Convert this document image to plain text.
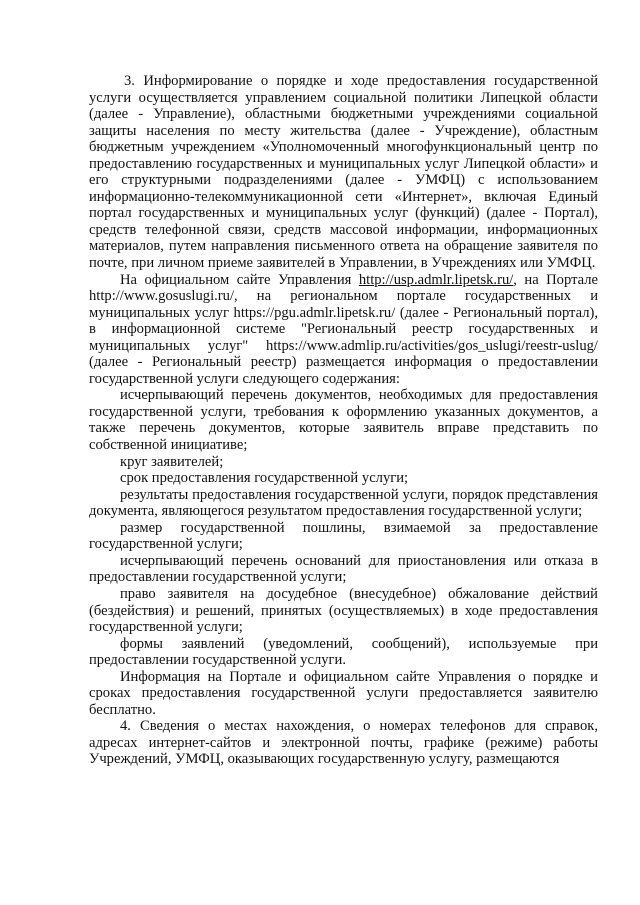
3. Информирование о порядке и ходе предоставления государственной услуги осуществляется управлением социальной политики Липецкой области (далее - Управление), областными бюджетными учреждениями социальной защиты населения по месту жительства (далее - Учреждение), областным бюджетным учреждением «Уполномоченный многофункциональный центр по предоставлению государственных и муниципальных услуг Липецкой области» и его структурными подразделениями (далее - УМФЦ) с использованием информационно-телекоммуникационной сети «Интернет», включая Единый портал государственных и муниципальных услуг (функций) (далее - Портал), средств телефонной связи, средств массовой информации, информационных материалов, путем направления письменного ответа на обращение заявителя по почте, при личном приеме заявителей в Управлении, в Учреждениях или УМФЦ.

На официальном сайте Управления http://usp.admlr.lipetsk.ru/, на Портале http://www.gosuslugi.ru/, на региональном портале государственных и муниципальных услуг https://pgu.admlr.lipetsk.ru/ (далее - Региональный портал), в информационной системе "Региональный реестр государственных и муниципальных услуг" https://www.admlip.ru/activities/gos_uslugi/reestr-uslug/ (далее - Региональный реестр) размещается информация о предоставлении государственной услуги следующего содержания:

исчерпывающий перечень документов, необходимых для предоставления государственной услуги, требования к оформлению указанных документов, а также перечень документов, которые заявитель вправе представить по собственной инициативе;

круг заявителей;

срок предоставления государственной услуги;

результаты предоставления государственной услуги, порядок представления документа, являющегося результатом предоставления государственной услуги;

размер государственной пошлины, взимаемой за предоставление государственной услуги;

исчерпывающий перечень оснований для приостановления или отказа в предоставлении государственной услуги;

право заявителя на досудебное (внесудебное) обжалование действий (бездействия) и решений, принятых (осуществляемых) в ходе предоставления государственной услуги;

формы заявлений (уведомлений, сообщений), используемые при предоставлении государственной услуги.

Информация на Портале и официальном сайте Управления о порядке и сроках предоставления государственной услуги предоставляется заявителю бесплатно.

4. Сведения о местах нахождения, о номерах телефонов для справок, адресах интернет-сайтов и электронной почты, графике (режиме) работы Учреждений, УМФЦ, оказывающих государственную услугу, размещаются
